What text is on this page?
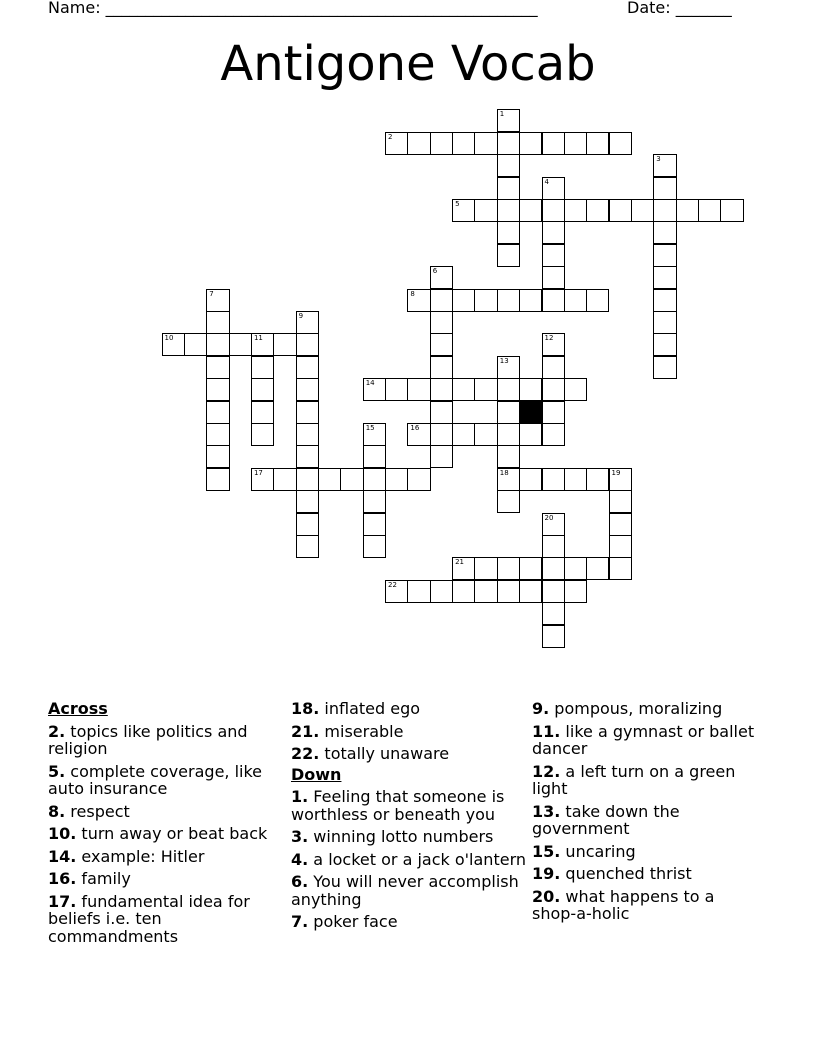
Name: ______________________________________________________	Date: _______
Antigone Vocab
1
2
3
4
5
6
7	8
9
10	11	12
13
18
14
15	16
17	19
20
21
22
Across
2. topics like politics and religion
5. complete coverage, like auto insurance
8. respect
10. turn away or beat back
14. example: Hitler
16. family
17. fundamental idea for beliefs i.e. ten commandments
18. inflated ego
21. miserable
22. totally unaware
Down
1. Feeling that someone is worthless or beneath you
3. winning lotto numbers
4. a locket or a jack o'lantern
6. You will never accomplish anything
7. poker face
9. pompous, moralizing
11. like a gymnast or ballet dancer
12. a left turn on a green light
13. take down the government
15. uncaring
19. quenched thrist
20. what happens to a shop-a-holic
